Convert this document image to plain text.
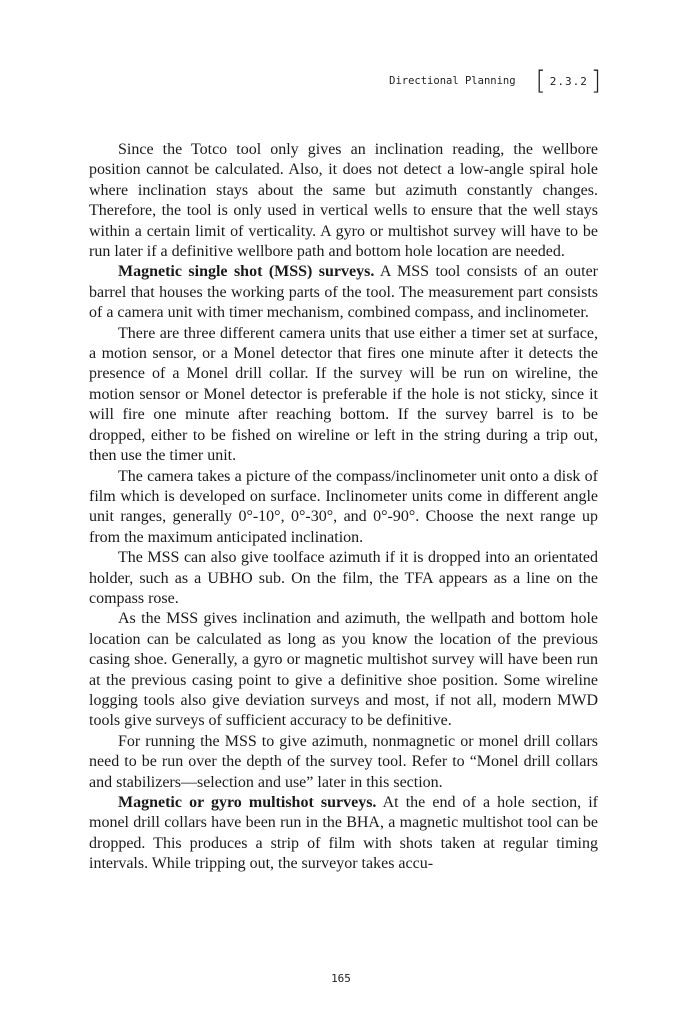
Directional Planning [ 2.3.2 ]

Since the Totco tool only gives an inclination reading, the wellbore position cannot be calculated. Also, it does not detect a low-angle spiral hole where inclination stays about the same but azimuth constantly changes. Therefore, the tool is only used in vertical wells to ensure that the well stays within a certain limit of verticality. A gyro or multishot survey will have to be run later if a definitive wellbore path and bottom hole location are needed.

Magnetic single shot (MSS) surveys. A MSS tool consists of an outer barrel that houses the working parts of the tool. The measurement part consists of a camera unit with timer mechanism, combined compass, and inclinometer.

There are three different camera units that use either a timer set at surface, a motion sensor, or a Monel detector that fires one minute after it detects the presence of a Monel drill collar. If the survey will be run on wireline, the motion sensor or Monel detector is preferable if the hole is not sticky, since it will fire one minute after reaching bottom. If the survey barrel is to be dropped, either to be fished on wireline or left in the string during a trip out, then use the timer unit.

The camera takes a picture of the compass/inclinometer unit onto a disk of film which is developed on surface. Inclinometer units come in different angle unit ranges, generally 0°-10°, 0°-30°, and 0°-90°. Choose the next range up from the maximum anticipated inclination.

The MSS can also give toolface azimuth if it is dropped into an orientated holder, such as a UBHO sub. On the film, the TFA appears as a line on the compass rose.

As the MSS gives inclination and azimuth, the wellpath and bottom hole location can be calculated as long as you know the location of the previous casing shoe. Generally, a gyro or magnetic multishot survey will have been run at the previous casing point to give a definitive shoe position. Some wireline logging tools also give deviation surveys and most, if not all, modern MWD tools give surveys of sufficient accuracy to be definitive.

For running the MSS to give azimuth, nonmagnetic or monel drill collars need to be run over the depth of the survey tool. Refer to “Monel drill collars and stabilizers—selection and use” later in this section.

Magnetic or gyro multishot surveys. At the end of a hole section, if monel drill collars have been run in the BHA, a magnetic multishot tool can be dropped. This produces a strip of film with shots taken at regular timing intervals. While tripping out, the surveyor takes accu-

165
